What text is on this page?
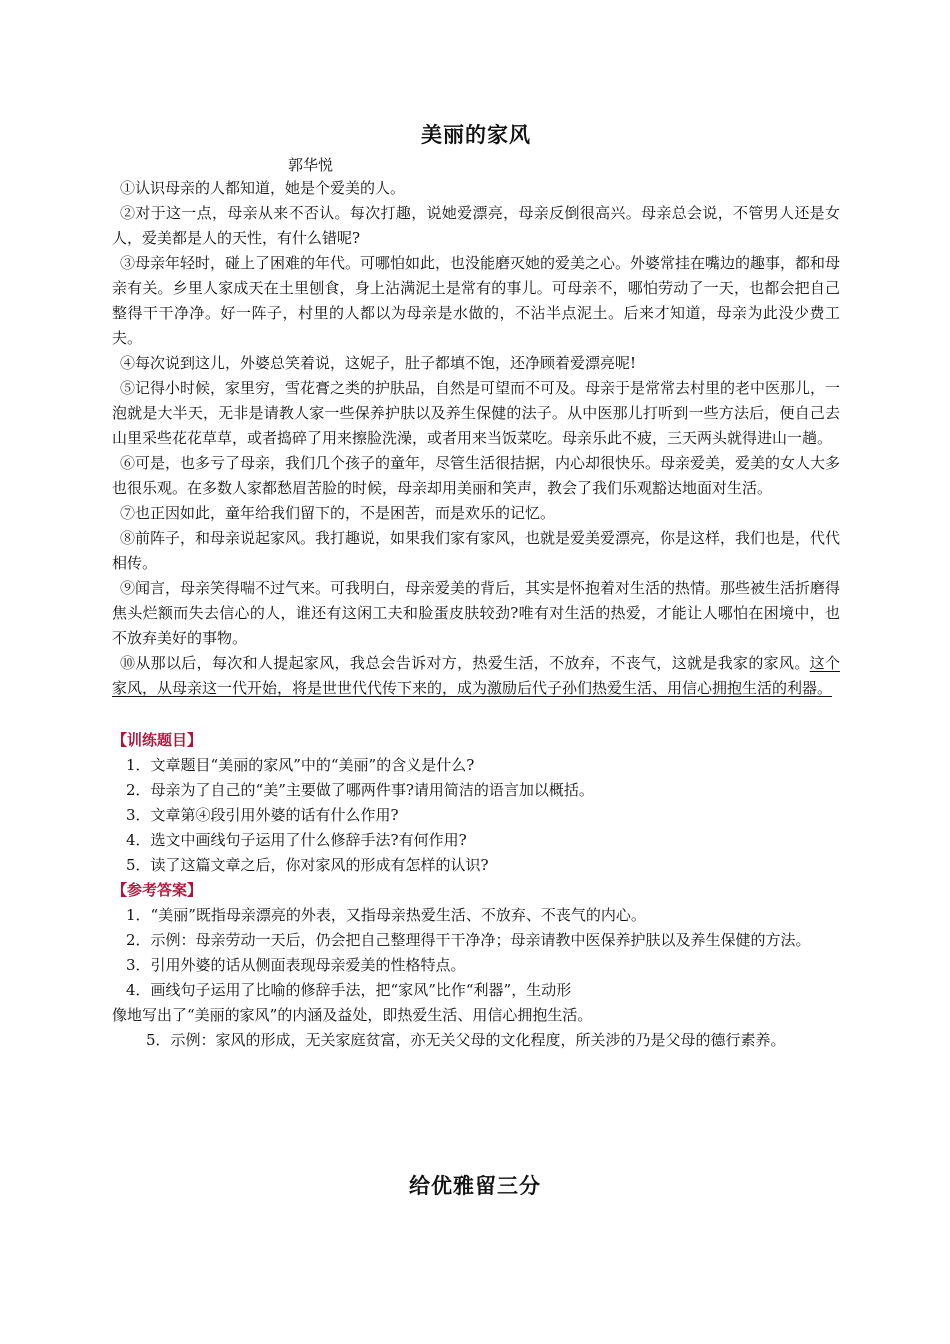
美丽的家风
郭华悦

①认识母亲的人都知道，她是个爱美的人。

②对于这一点，母亲从来不否认。每次打趣，说她爱漂亮，母亲反倒很高兴。母亲总会说，不管男人还是女人，爱美都是人的天性，有什么错呢?

③母亲年轻时，碰上了困难的年代。可哪怕如此，也没能磨灭她的爱美之心。外婆常挂在嘴边的趣事，都和母亲有关。乡里人家成天在土里刨食，身上沾满泥土是常有的事儿。可母亲不，哪怕劳动了一天，也都会把自己整得干干净净。好一阵子，村里的人都以为母亲是水做的，不沾半点泥土。后来才知道，母亲为此没少费工夫。

④每次说到这儿，外婆总笑着说，这妮子，肚子都填不饱，还净顾着爱漂亮呢!

⑤记得小时候，家里穷，雪花膏之类的护肤品，自然是可望而不可及。母亲于是常常去村里的老中医那儿，一泡就是大半天，无非是请教人家一些保养护肤以及养生保健的法子。从中医那儿打听到一些方法后，便自己去山里采些花花草草，或者捣碎了用来擦脸洗澡，或者用来当饭菜吃。母亲乐此不疲，三天两头就得进山一趟。

⑥可是，也多亏了母亲，我们几个孩子的童年，尽管生活很拮据，内心却很快乐。母亲爱美，爱美的女人大多也很乐观。在多数人家都愁眉苦脸的时候，母亲却用美丽和笑声，教会了我们乐观豁达地面对生活。

⑦也正因如此，童年给我们留下的，不是困苦，而是欢乐的记忆。

⑧前阵子，和母亲说起家风。我打趣说，如果我们家有家风，也就是爱美爱漂亮，你是这样，我们也是，代代相传。

⑨闻言，母亲笑得喘不过气来。可我明白，母亲爱美的背后，其实是怀抱着对生活的热情。那些被生活折磨得焦头烂额而失去信心的人，谁还有这闲工夫和脸蛋皮肤较劲?唯有对生活的热爱，才能让人哪怕在困境中，也不放弃美好的事物。

⑩从那以后，每次和人提起家风，我总会告诉对方，热爱生活，不放弃，不丧气，这就是我家的家风。这个家风，从母亲这一代开始，将是世世代代传下来的，成为激励后代子孙们热爱生活、用信心拥抱生活的利器。

【训练题目】

1．文章题目“美丽的家风”中的“美丽”的含义是什么?

2．母亲为了自己的“美”主要做了哪两件事?请用简洁的语言加以概括。

3．文章第④段引用外婆的话有什么作用?

4．选文中画线句子运用了什么修辞手法?有何作用?

5．读了这篇文章之后，你对家风的形成有怎样的认识?

【参考答案】

1．“美丽”既指母亲漂亮的外表，又指母亲热爱生活、不放弃、不丧气的内心。

2．示例：母亲劳动一天后，仍会把自己整理得干干净净；母亲请教中医保养护肤以及养生保健的方法。

3．引用外婆的话从侧面表现母亲爱美的性格特点。

4．画线句子运用了比喻的修辞手法，把“家风”比作“利器”，生动形

像地写出了“美丽的家风”的内涵及益处，即热爱生活、用信心拥抱生活。

5．示例：家风的形成，无关家庭贫富，亦无关父母的文化程度，所关涉的乃是父母的德行素养。

给优雅留三分
